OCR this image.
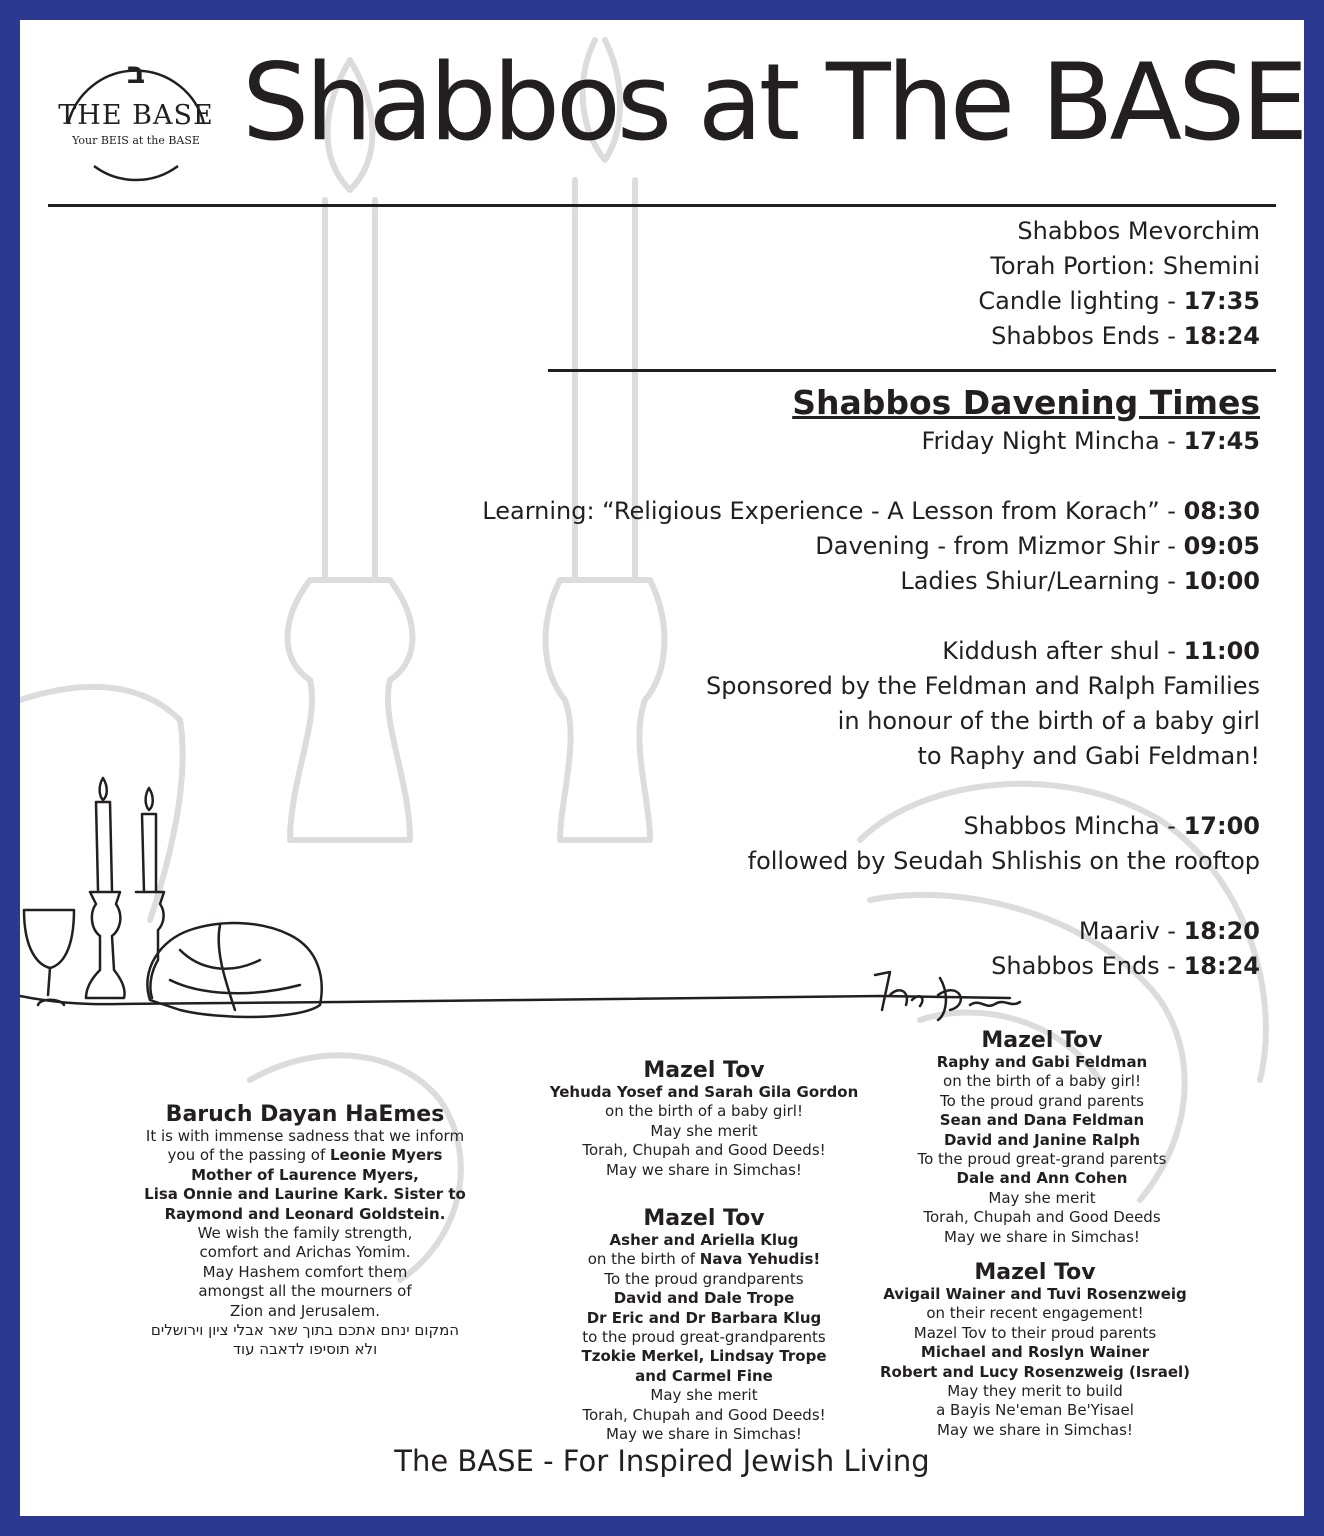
ב
THE BASE
Your BEIS at the BASE Shabbos at The BASE
Shabbos Mevorchim
Torah Portion: Shemini
Candle lighting - 17:35
Shabbos Ends - 18:24
Shabbos Davening Times
Friday Night Mincha - 17:45
Learning: “Religious Experience - A Lesson from Korach” - 08:30
Davening - from Mizmor Shir - 09:05
Ladies Shiur/Learning - 10:00
Kiddush after shul - 11:00
Sponsored by the Feldman and Ralph Families
in honour of the birth of a baby girl
to Raphy and Gabi Feldman!
Shabbos Mincha - 17:00
followed by Seudah Shlishis on the rooftop
Maariv - 18:20
Shabbos Ends - 18:24
Baruch Dayan HaEmes
It is with immense sadness that we inform
you of the passing of Leonie Myers
Mother of Laurence Myers,
Lisa Onnie and Laurine Kark. Sister to
Raymond and Leonard Goldstein.
We wish the family strength,
comfort and Arichas Yomim.
May Hashem comfort them
amongst all the mourners of
Zion and Jerusalem.
המקום ינחם אתכם בתוך שאר אבלי ציון וירושלים
ולא תוסיפו לדאבה עוד
Mazel Tov
Yehuda Yosef and Sarah Gila Gordon
on the birth of a baby girl!
May she merit
Torah, Chupah and Good Deeds!
May we share in Simchas!
Mazel Tov
Asher and Ariella Klug
on the birth of Nava Yehudis!
To the proud grandparents
David and Dale Trope
Dr Eric and Dr Barbara Klug
to the proud great-grandparents
Tzokie Merkel, Lindsay Trope
and Carmel Fine
May she merit
Torah, Chupah and Good Deeds!
May we share in Simchas!
Mazel Tov
Raphy and Gabi Feldman
on the birth of a baby girl!
To the proud grand parents
Sean and Dana Feldman
David and Janine Ralph
To the proud great-grand parents
Dale and Ann Cohen
May she merit
Torah, Chupah and Good Deeds
May we share in Simchas!
Mazel Tov
Avigail Wainer and Tuvi Rosenzweig
on their recent engagement!
Mazel Tov to their proud parents
Michael and Roslyn Wainer
Robert and Lucy Rosenzweig (Israel)
May they merit to build
a Bayis Ne'eman Be'Yisael
May we share in Simchas!
The BASE - For Inspired Jewish Living
